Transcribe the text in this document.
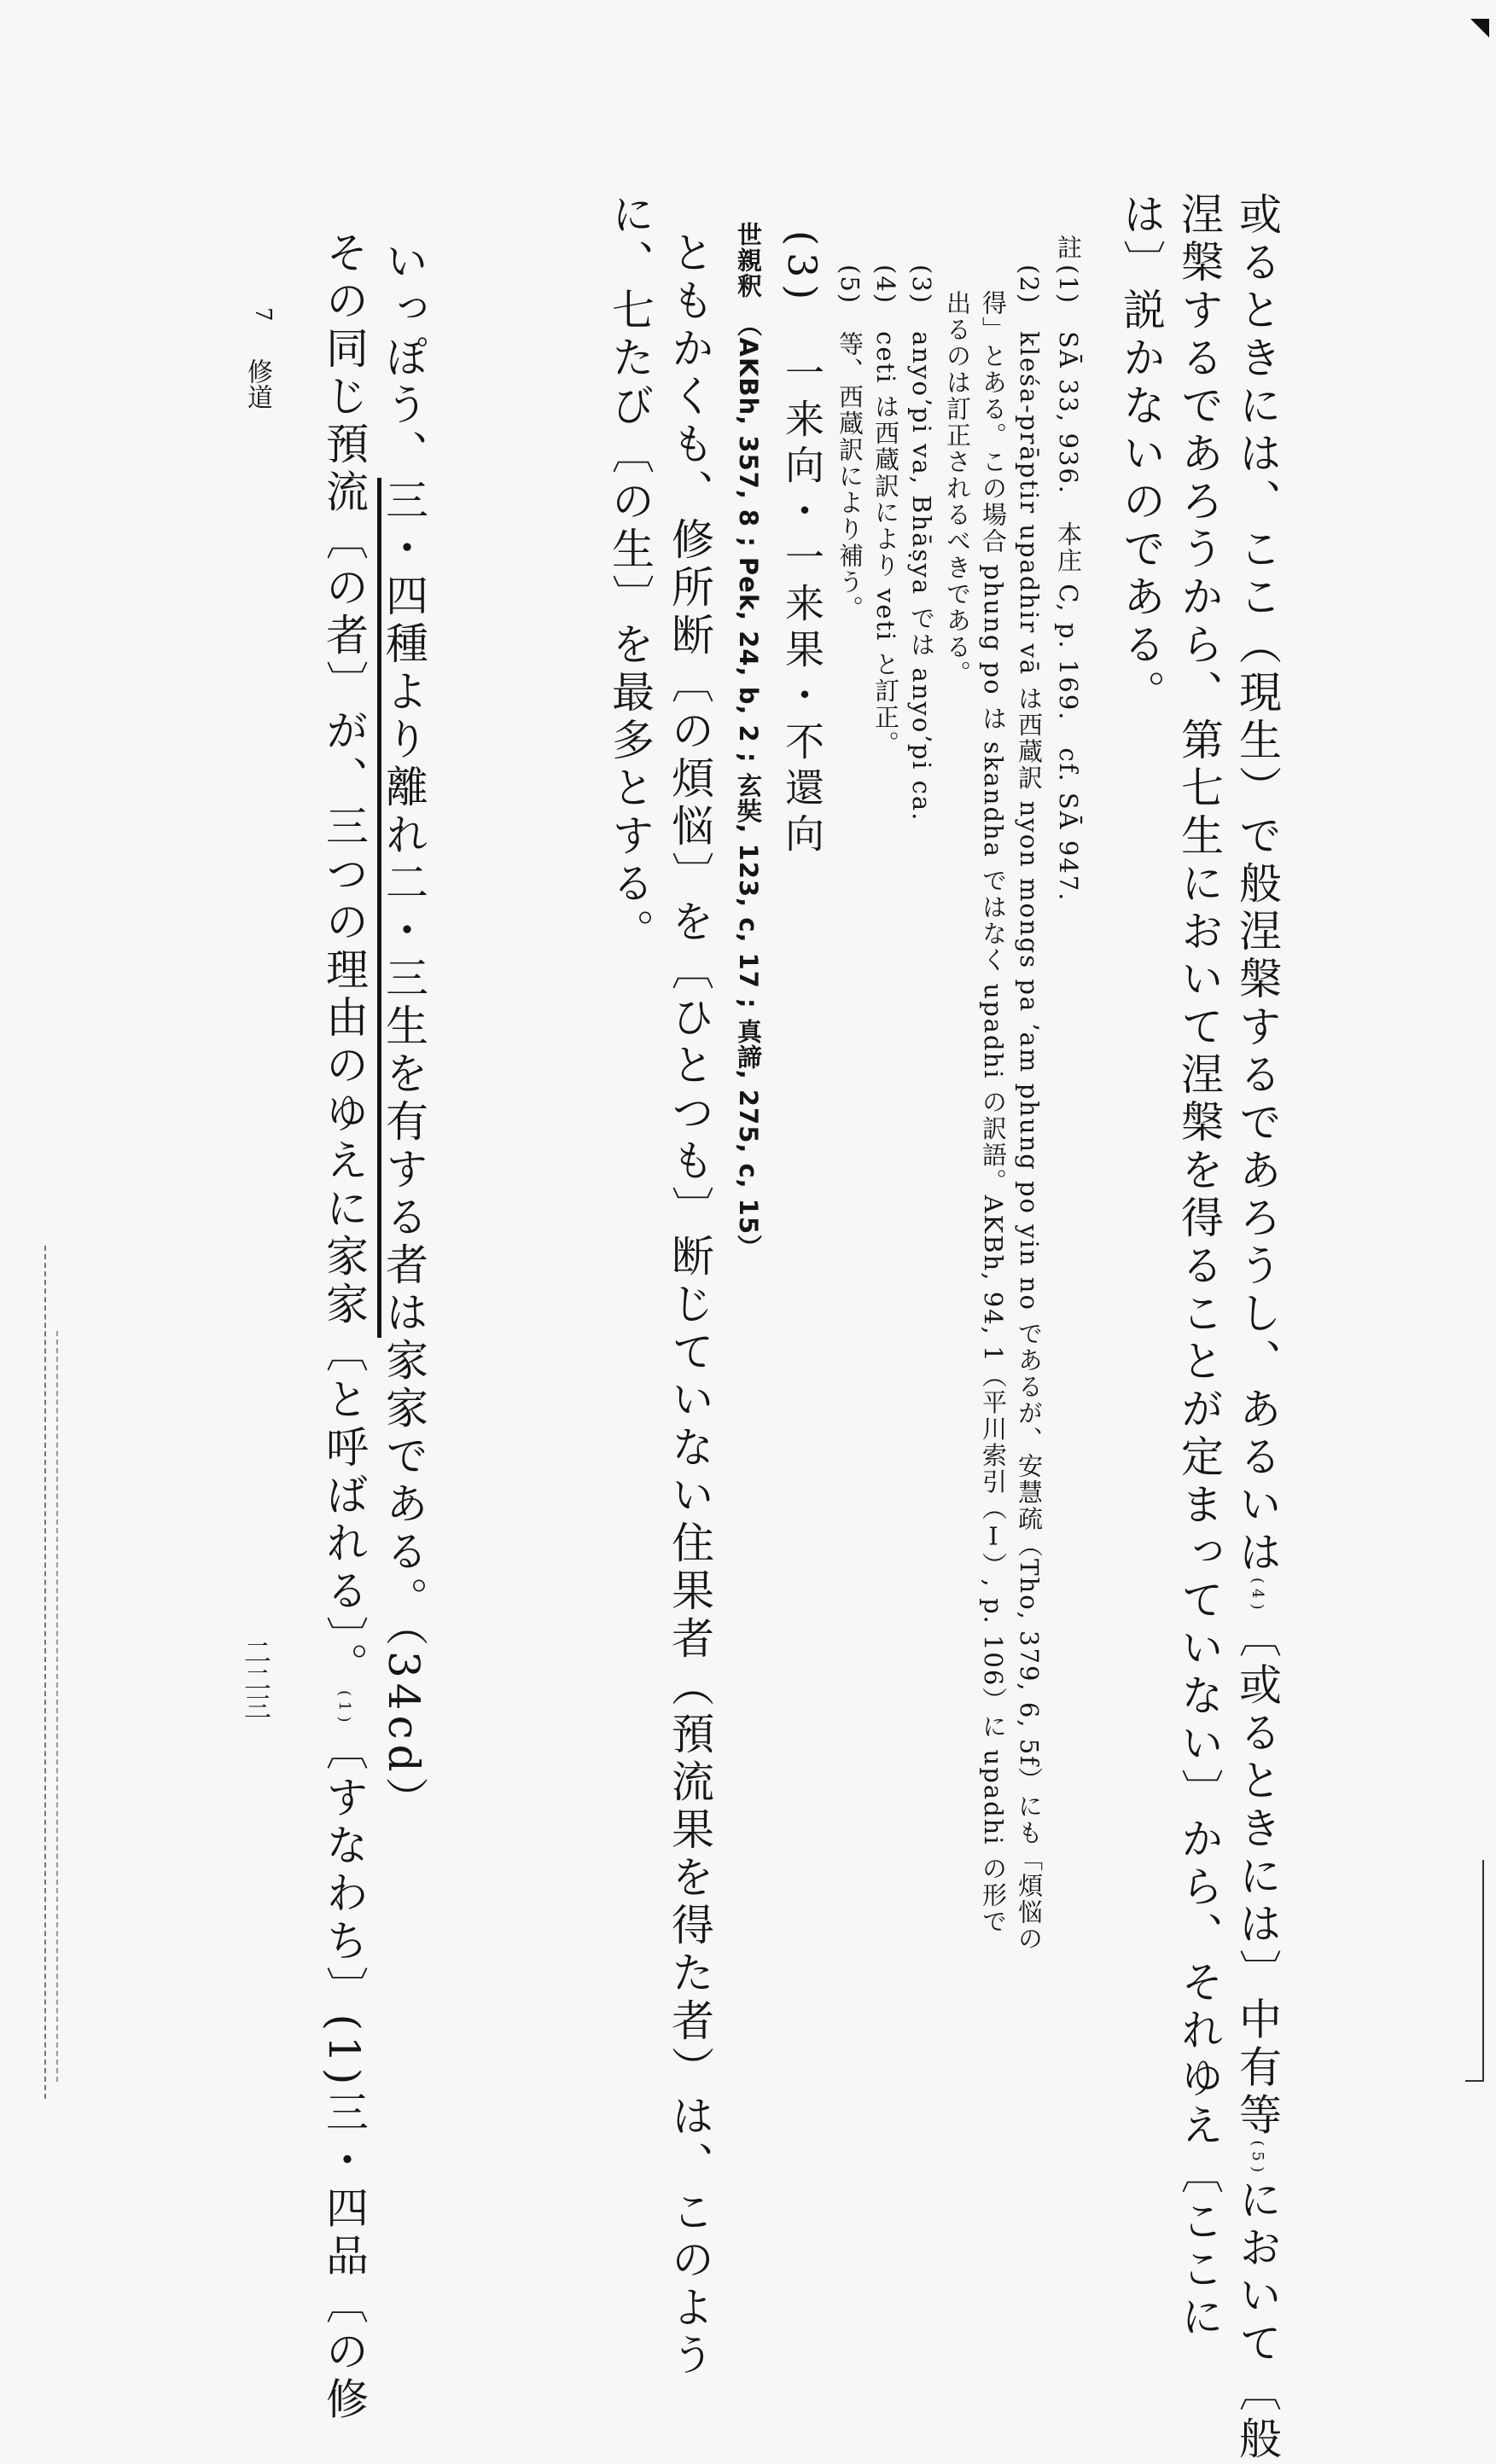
或るときには、ここ（現生）で般涅槃するであろうし、あるいは(4)〔或るときには〕中有等(5)において〔般
涅槃するであろうから、第七生において涅槃を得ることが定まっていない〕から、それゆえ〔ここに
は〕説かないのである。
註
(1)　SĀ 33, 936.　本庄 C, p. 169.　cf. SĀ 947.
(2)　kleśa-prāptir upadhir vā は西蔵訳 nyon mongs pa ʼam phung po yin no であるが、安慧疏（Tho, 379, 6, 5f）にも「煩悩の
得」とある。この場合 phung po は skandha ではなく upadhi の訳語。AKBh, 94, 1（平川索引（Ⅰ）, p. 106）に upadhi の形で
出るのは訂正されるべきである。
(3)　anyoʼpi va, Bhāṣya では anyoʼpi ca.
(4)　ceti は西蔵訳により veti と訂正。
(5)　等、西蔵訳により補う。
(3)　一来向・一来果・不還向
世親釈　（AKBh, 357, 8 ; Pek, 24, b, 2 ; 玄奘, 123, c, 17 ; 真諦, 275, c, 15）
ともかくも、修所断〔の煩悩〕を〔ひとつも〕断じていない住果者（預流果を得た者）は、このよう
に、七たび〔の生〕を最多とする。
いっぽう、三・四種より離れ二・三生を有する者は家家である。（34cd）
その同じ預流〔の者〕が、三つの理由のゆえに家家〔と呼ばれる〕。(1)〔すなわち〕(1)三・四品〔の修
二二三
7
修道
